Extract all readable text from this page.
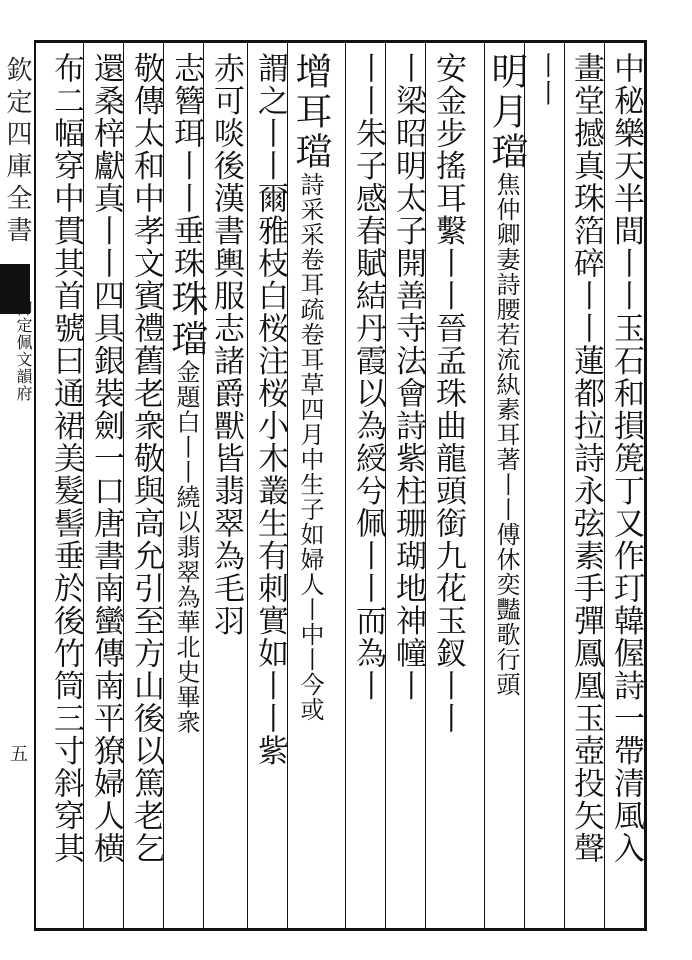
中秘樂天半間丨丨玉石和損箎丁又作玎韓偓詩一帶清風入
畫堂撼真珠箔碎丨丨蓮都拉詩永弦素手彈鳳凰玉壺投矢聲
丨丨
明月璫焦仲卿妻詩腰若流紈素耳著丨丨傅休奕豔歌行頭
安金步搖耳繫丨丨晉孟珠曲龍頭銜九花玉釵丨丨
丨梁昭明太子開善寺法會詩紫柱珊瑚地神幢丨
丨丨朱子感春賦結丹霞以為綬兮佩丨丨而為丨
增耳璫詩采采卷耳疏卷耳草四月中生子如婦人丨中丨今或
謂之丨丨爾雅枝白桜注桜小木叢生有刺實如丨丨紫
赤可啖後漢書輿服志諸爵獸皆翡翠為毛羽
志簪珥丨丨垂珠珠璫金題白丨丨繞以翡翠為華北史畢衆
敬傳太和中孝文賓禮舊老衆敬與高允引至方山後以篤老乞
還桑梓獻真丨丨四具銀裝劍一口唐書南蠻傳南平獠婦人横
布二幅穿中貫其首號曰通裙美髮髻垂於後竹筒三寸斜穿其
欽定四庫全書
御定佩文韻府
五
